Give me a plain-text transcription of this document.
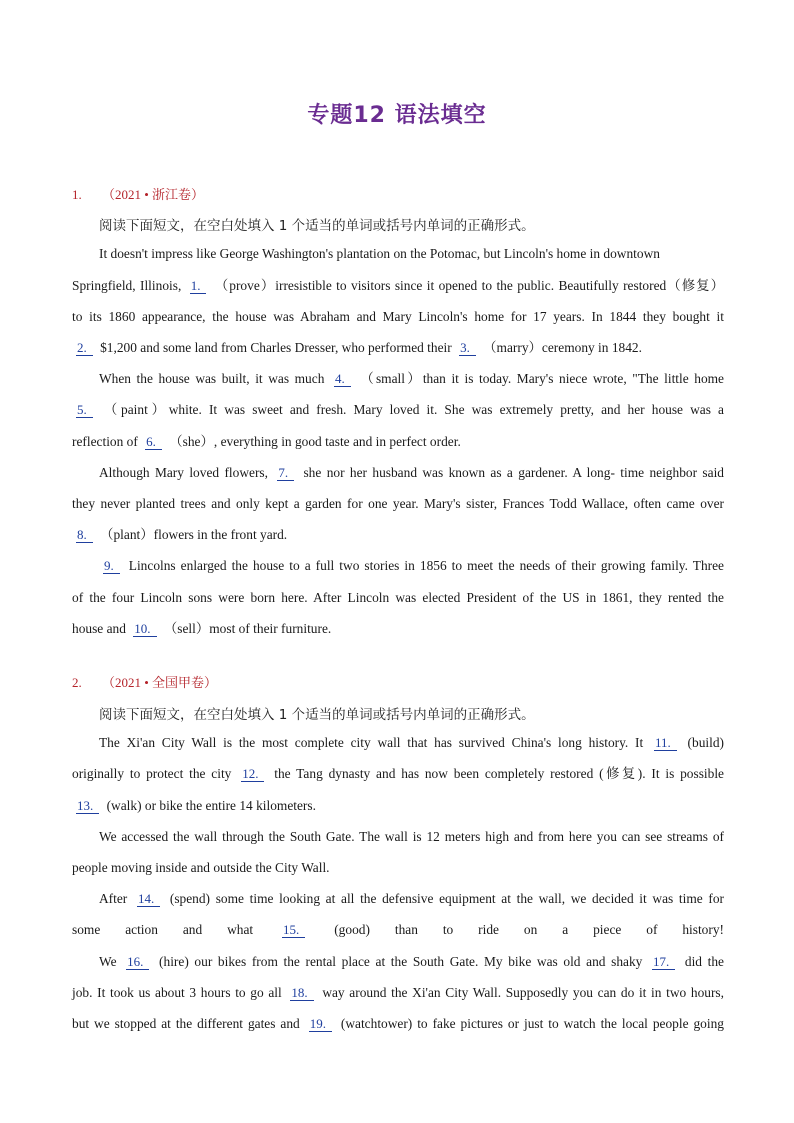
专题12 语法填空
1. （2021 • 浙江卷）
阅读下面短文，在空白处填入 1 个适当的单词或括号内单词的正确形式。
It doesn't impress like George Washington's plantation on the Potomac, but Lincoln's home in downtown
Springfield, Illinois, 1. （prove）irresistible to visitors since it opened to the public. Beautifully restored（修复）
to its 1860 appearance, the house was Abraham and Mary Lincoln's home for 17 years. In 1844 they bought it
2. $1,200 and some land from Charles Dresser, who performed their 3. （marry）ceremony in 1842.
When the house was built, it was much 4. （small）than it is today. Mary's niece wrote, "The little home
5. （paint）white. It was sweet and fresh. Mary loved it. She was extremely pretty, and her house was a
reflection of 6. （she）, everything in good taste and in perfect order.
Although Mary loved flowers, 7. she nor her husband was known as a gardener. A long- time neighbor said
they never planted trees and only kept a garden for one year. Mary's sister, Frances Todd Wallace, often came over
8. （plant）flowers in the front yard.
9. Lincolns enlarged the house to a full two stories in 1856 to meet the needs of their growing family. Three
of the four Lincoln sons were born here. After Lincoln was elected President of the US in 1861, they rented the
house and 10. （sell）most of their furniture.
2. （2021 • 全国甲卷）
阅读下面短文，在空白处填入 1 个适当的单词或括号内单词的正确形式。
The Xi'an City Wall is the most complete city wall that has survived China's long history. It 11. (build)
originally to protect the city 12. the Tang dynasty and has now been completely restored (修复). It is possible
13. (walk) or bike the entire 14 kilometers.
We accessed the wall through the South Gate. The wall is 12 meters high and from here you can see streams of
people moving inside and outside the City Wall.
After 14. (spend) some time looking at all the defensive equipment at the wall, we decided it was time for
some action and what 15. (good) than to ride on a piece of history!
We 16. (hire) our bikes from the rental place at the South Gate. My bike was old and shaky 17. did the
job. It took us about 3 hours to go all 18. way around the Xi'an City Wall. Supposedly you can do it in two hours,
but we stopped at the different gates and 19. (watchtower) to fake pictures or just to watch the local people going
